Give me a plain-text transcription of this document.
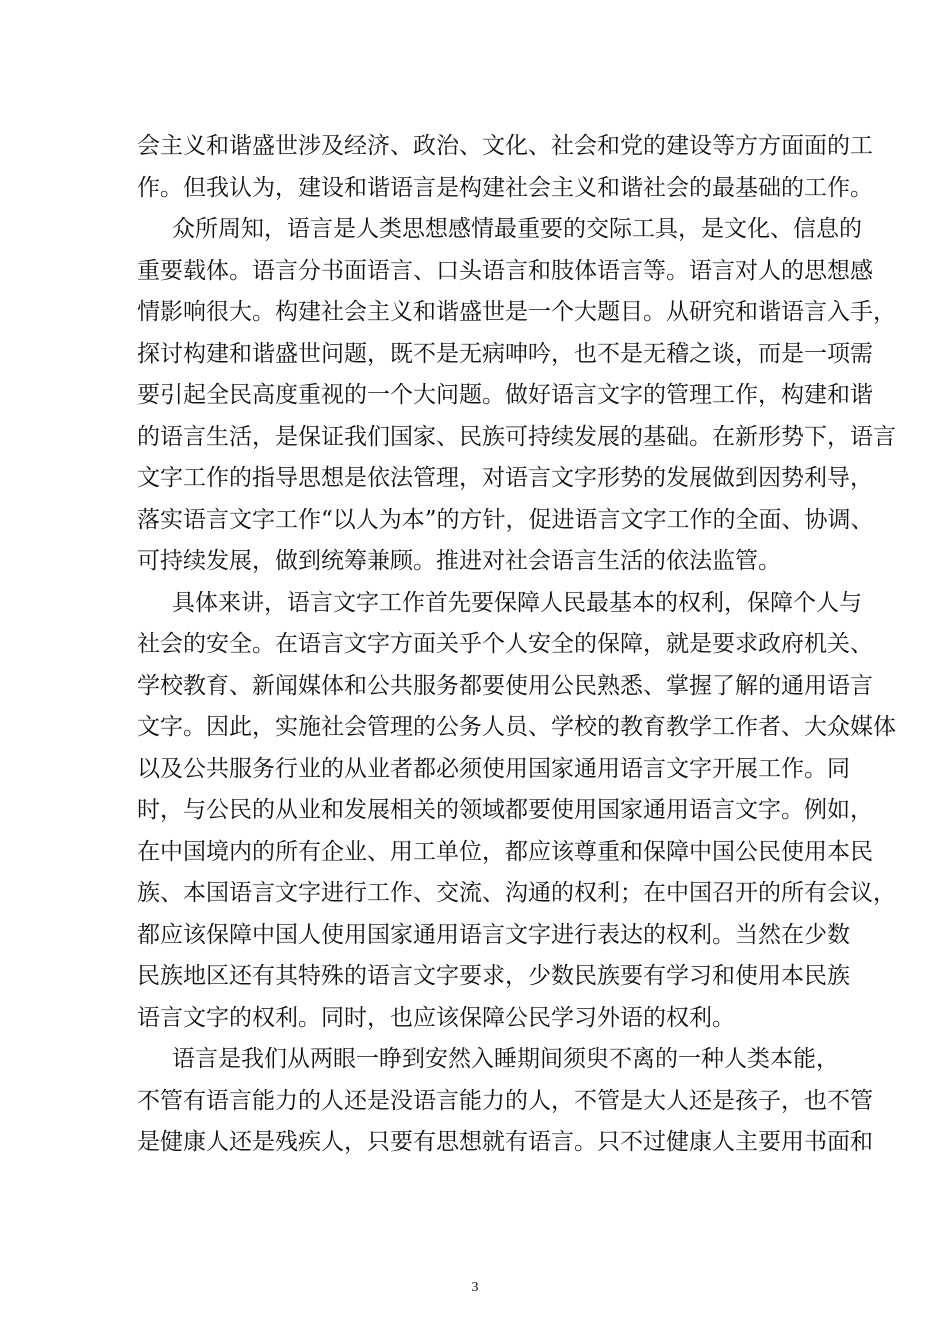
会主义和谐盛世涉及经济、政治、文化、社会和党的建设等方方面面的工
作。但我认为，建设和谐语言是构建社会主义和谐社会的最基础的工作。
众所周知，语言是人类思想感情最重要的交际工具，是文化、信息的
重要载体。语言分书面语言、口头语言和肢体语言等。语言对人的思想感
情影响很大。构建社会主义和谐盛世是一个大题目。从研究和谐语言入手，
探讨构建和谐盛世问题，既不是无病呻吟，也不是无稽之谈，而是一项需
要引起全民高度重视的一个大问题。做好语言文字的管理工作，构建和谐
的语言生活，是保证我们国家、民族可持续发展的基础。在新形势下，语言
文字工作的指导思想是依法管理，对语言文字形势的发展做到因势利导，
落实语言文字工作“以人为本”的方针，促进语言文字工作的全面、协调、
可持续发展，做到统筹兼顾。推进对社会语言生活的依法监管。
具体来讲，语言文字工作首先要保障人民最基本的权利，保障个人与
社会的安全。在语言文字方面关乎个人安全的保障，就是要求政府机关、
学校教育、新闻媒体和公共服务都要使用公民熟悉、掌握了解的通用语言
文字。因此，实施社会管理的公务人员、学校的教育教学工作者、大众媒体
以及公共服务行业的从业者都必须使用国家通用语言文字开展工作。同
时，与公民的从业和发展相关的领域都要使用国家通用语言文字。例如，
在中国境内的所有企业、用工单位，都应该尊重和保障中国公民使用本民
族、本国语言文字进行工作、交流、沟通的权利；在中国召开的所有会议，
都应该保障中国人使用国家通用语言文字进行表达的权利。当然在少数
民族地区还有其特殊的语言文字要求，少数民族要有学习和使用本民族
语言文字的权利。同时，也应该保障公民学习外语的权利。
语言是我们从两眼一睁到安然入睡期间须臾不离的一种人类本能，
不管有语言能力的人还是没语言能力的人，不管是大人还是孩子，也不管
是健康人还是残疾人，只要有思想就有语言。只不过健康人主要用书面和
3
